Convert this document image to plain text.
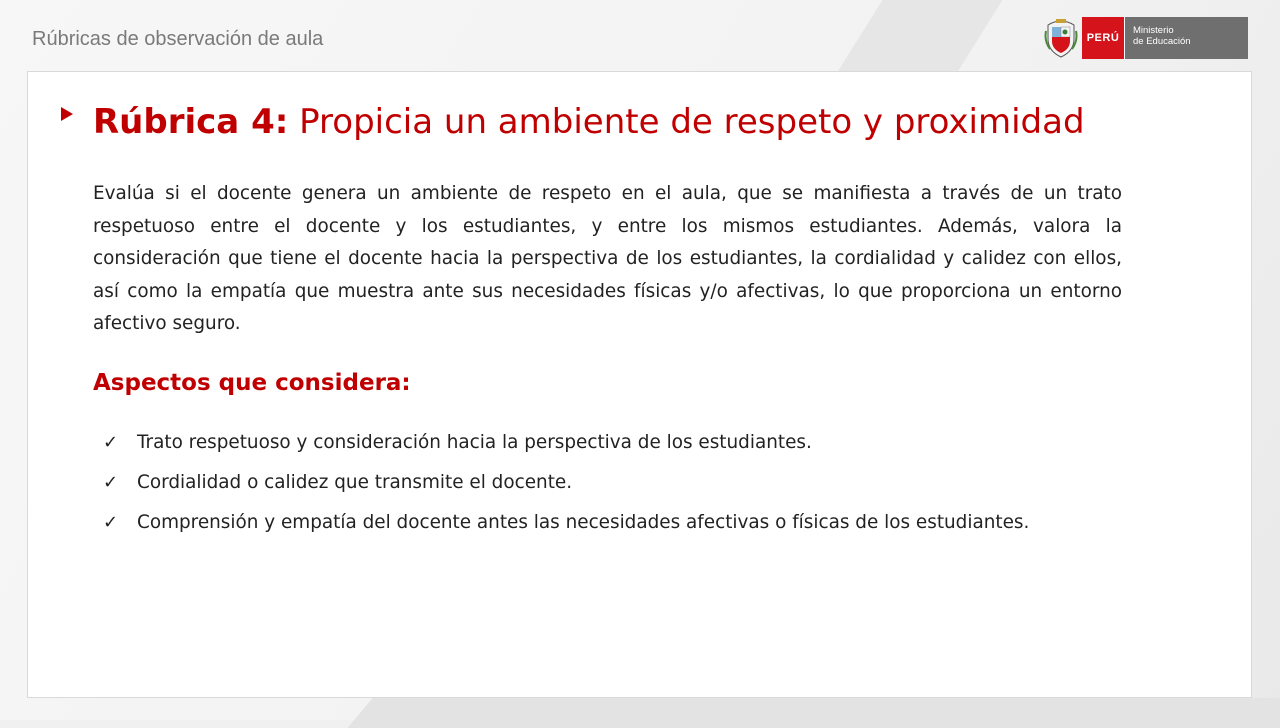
Rúbricas de observación de aula	PERÚ
Ministerio
de Educación
Rúbrica 4: Propicia un ambiente de respeto y proximidad
Evalúa si el docente genera un ambiente de respeto en el aula, que se manifiesta a través de un trato respetuoso entre el docente y los estudiantes, y entre los mismos estudiantes. Además, valora la consideración que tiene el docente hacia la perspectiva de los estudiantes, la cordialidad y calidez con ellos, así como la empatía que muestra ante sus necesidades físicas y/o afectivas, lo que proporciona un entorno afectivo seguro.
Aspectos que considera:
✓	Trato respetuoso y consideración hacia la perspectiva de los estudiantes.
✓	Cordialidad o calidez que transmite el docente.
✓	Comprensión y empatía del docente antes las necesidades afectivas o físicas de los estudiantes.
